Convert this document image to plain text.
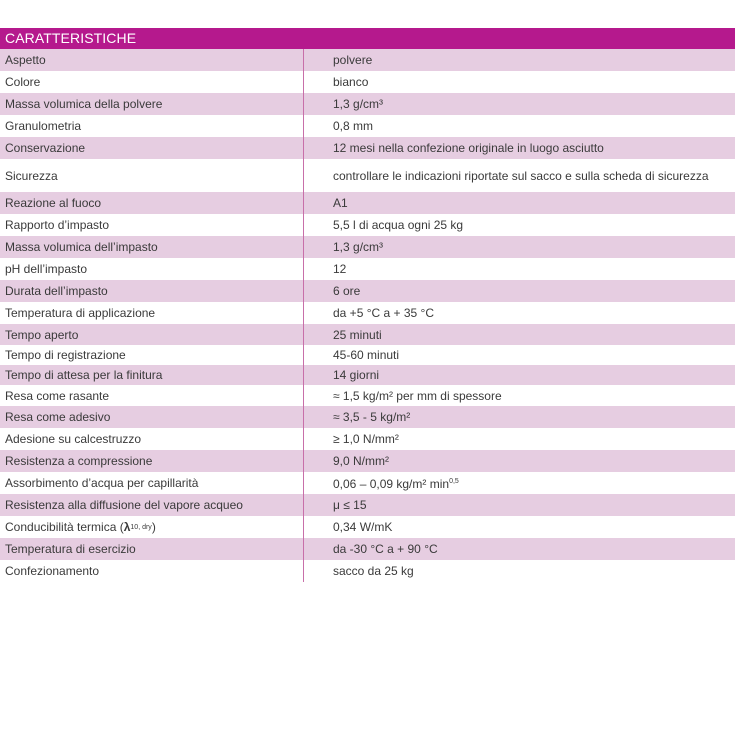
CARATTERISTICHE
Aspetto	polvere
Colore	bianco
Massa volumica della polvere	1,3 g/cm³
Granulometria	0,8 mm
Conservazione	12 mesi nella confezione originale in luogo asciutto
Sicurezza	controllare le indicazioni riportate sul sacco e sulla scheda di sicurezza
Reazione al fuoco	A1
Rapporto d’impasto	5,5 l di acqua ogni 25 kg
Massa volumica dell’impasto	1,3 g/cm³
pH dell’impasto	12
Durata dell’impasto	6 ore
Temperatura di applicazione	da +5 °C a + 35 °C
Tempo aperto	25 minuti
Tempo di registrazione	45-60 minuti
Tempo di attesa per la finitura	14 giorni
Resa come rasante	≈ 1,5 kg/m² per mm di spessore
Resa come adesivo	≈ 3,5 - 5 kg/m²
Adesione su calcestruzzo	≥ 1,0 N/mm²
Resistenza a compressione	9,0 N/mm²
Assorbimento d’acqua per capillarità	0,06 – 0,09 kg/m² $\min^{0,5}$
Resistenza alla diffusione del vapore acqueo	μ ≤ 15
Conducibilità termica ( λ 10, dry )	0,34 W/mK
Temperatura di esercizio	da -30 °C a + 90 °C
Confezionamento	sacco da 25 kg
